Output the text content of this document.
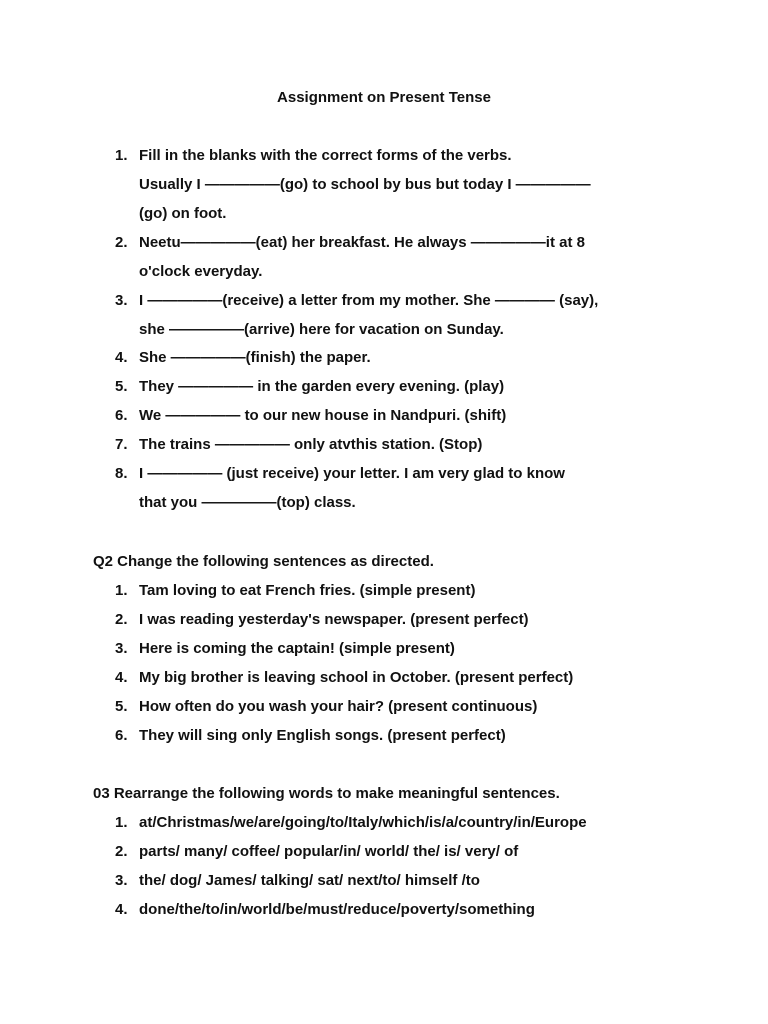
Assignment on Present Tense
1. Fill in the blanks with the correct forms of the verbs.
Usually I —————(go) to school by bus but today I —————
(go) on foot.
2. Neetu—————(eat) her breakfast. He always —————it at 8
o'clock everyday.
3. I —————(receive) a letter from my mother. She ———— (say),
she —————(arrive) here for vacation on Sunday.
4. She —————(finish) the paper.
5. They ————— in the garden every evening. (play)
6. We ————— to our new house in Nandpuri. (shift)
7. The trains ————— only atvthis station. (Stop)
8. I ————— (just receive) your letter. I am very glad to know
that you —————(top) class.
Q2 Change the following sentences as directed.
1. Tam loving to eat French fries. (simple present)
2. I was reading yesterday's newspaper. (present perfect)
3. Here is coming the captain! (simple present)
4. My big brother is leaving school in October. (present perfect)
5. How often do you wash your hair? (present continuous)
6. They will sing only English songs. (present perfect)
03 Rearrange the following words to make meaningful sentences.
1. at/Christmas/we/are/going/to/Italy/which/is/a/country/in/Europe
2. parts/ many/ coffee/ popular/in/ world/ the/ is/ very/ of
3. the/ dog/ James/ talking/ sat/ next/to/ himself /to
4. done/the/to/in/world/be/must/reduce/poverty/something
